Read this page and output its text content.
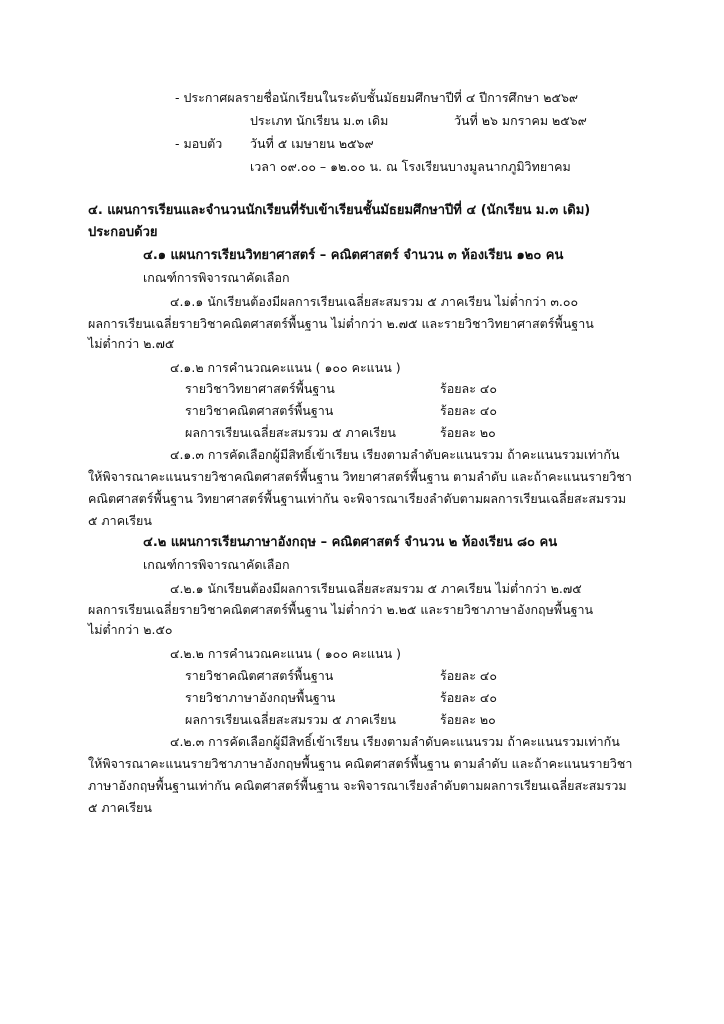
- ประกาศผลรายชื่อนักเรียนในระดับชั้นมัธยมศึกษาปีที่ ๔ ปีการศึกษา ๒๕๖๙
ประเภท นักเรียน ม.๓ เดิม	วันที่ ๒๖ มกราคม ๒๕๖๙
- มอบตัว วันที่ ๕ เมษายน ๒๕๖๙
เวลา ๐๙.๐๐ – ๑๒.๐๐ น. ณ โรงเรียนบางมูลนากภูมิวิทยาคม
๔. แผนการเรียนและจำนวนนักเรียนที่รับเข้าเรียนชั้นมัธยมศึกษาปีที่ ๔ (นักเรียน ม.๓ เดิม)
ประกอบด้วย
๔.๑ แผนการเรียนวิทยาศาสตร์ – คณิตศาสตร์ จำนวน ๓ ห้องเรียน ๑๒๐ คน
เกณฑ์การพิจารณาคัดเลือก
๔.๑.๑ นักเรียนต้องมีผลการเรียนเฉลี่ยสะสมรวม ๕ ภาคเรียน ไม่ต่ำกว่า ๓.๐๐
ผลการเรียนเฉลี่ยรายวิชาคณิตศาสตร์พื้นฐาน ไม่ต่ำกว่า ๒.๗๕ และรายวิชาวิทยาศาสตร์พื้นฐาน
ไม่ต่ำกว่า ๒.๗๕
๔.๑.๒ การคำนวณคะแนน ( ๑๐๐ คะแนน )
รายวิชาวิทยาศาสตร์พื้นฐาน	ร้อยละ ๔๐
รายวิชาคณิตศาสตร์พื้นฐาน	ร้อยละ ๔๐
ผลการเรียนเฉลี่ยสะสมรวม ๕ ภาคเรียน	ร้อยละ ๒๐
๔.๑.๓ การคัดเลือกผู้มีสิทธิ์เข้าเรียน เรียงตามลำดับคะแนนรวม ถ้าคะแนนรวมเท่ากัน
ให้พิจารณาคะแนนรายวิชาคณิตศาสตร์พื้นฐาน วิทยาศาสตร์พื้นฐาน ตามลำดับ และถ้าคะแนนรายวิชา
คณิตศาสตร์พื้นฐาน วิทยาศาสตร์พื้นฐานเท่ากัน จะพิจารณาเรียงลำดับตามผลการเรียนเฉลี่ยสะสมรวม
๕ ภาคเรียน
๔.๒ แผนการเรียนภาษาอังกฤษ – คณิตศาสตร์ จำนวน ๒ ห้องเรียน ๘๐ คน
เกณฑ์การพิจารณาคัดเลือก
๔.๒.๑ นักเรียนต้องมีผลการเรียนเฉลี่ยสะสมรวม ๕ ภาคเรียน ไม่ต่ำกว่า ๒.๗๕
ผลการเรียนเฉลี่ยรายวิชาคณิตศาสตร์พื้นฐาน ไม่ต่ำกว่า ๒.๒๕ และรายวิชาภาษาอังกฤษพื้นฐาน
ไม่ต่ำกว่า ๒.๕๐
๔.๒.๒ การคำนวณคะแนน ( ๑๐๐ คะแนน )
รายวิชาคณิตศาสตร์พื้นฐาน	ร้อยละ ๔๐
รายวิชาภาษาอังกฤษพื้นฐาน	ร้อยละ ๔๐
ผลการเรียนเฉลี่ยสะสมรวม ๕ ภาคเรียน	ร้อยละ ๒๐
๔.๒.๓ การคัดเลือกผู้มีสิทธิ์เข้าเรียน เรียงตามลำดับคะแนนรวม ถ้าคะแนนรวมเท่ากัน
ให้พิจารณาคะแนนรายวิชาภาษาอังกฤษพื้นฐาน คณิตศาสตร์พื้นฐาน ตามลำดับ และถ้าคะแนนรายวิชา
ภาษาอังกฤษพื้นฐานเท่ากัน คณิตศาสตร์พื้นฐาน จะพิจารณาเรียงลำดับตามผลการเรียนเฉลี่ยสะสมรวม
๕ ภาคเรียน
